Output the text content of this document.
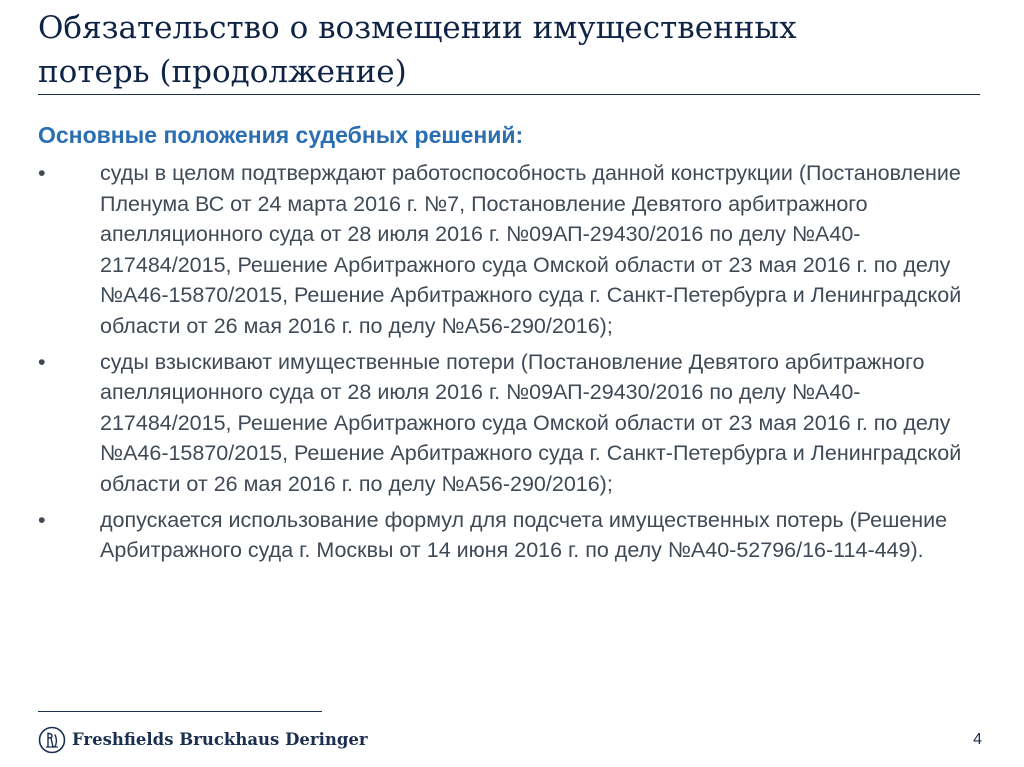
Обязательство о возмещении имущественных
потерь (продолжение)
Основные положения судебных решений:
•	суды в целом подтверждают работоспособность данной конструкции (Постановление Пленума ВС от 24 марта 2016 г. №7, Постановление Девятого арбитражного апелляционного суда от 28 июля 2016 г. №09АП-29430/2016 по делу №А40-217484/2015, Решение Арбитражного суда Омской области от 23 мая 2016 г. по делу №А46-15870/2015, Решение Арбитражного суда г. Санкт-Петербурга и Ленинградской области от 26 мая 2016 г. по делу №А56-290/2016);
•	суды взыскивают имущественные потери (Постановление Девятого арбитражного апелляционного суда от 28 июля 2016 г. №09АП-29430/2016 по делу №А40-217484/2015, Решение Арбитражного суда Омской области от 23 мая 2016 г. по делу №А46-15870/2015, Решение Арбитражного суда г. Санкт-Петербурга и Ленинградской области от 26 мая 2016 г. по делу №А56-290/2016);
•	допускается использование формул для подсчета имущественных потерь (Решение Арбитражного суда г. Москвы от 14 июня 2016 г. по делу №А40-52796/16-114-449).
Freshfields Bruckhaus Deringer	4
